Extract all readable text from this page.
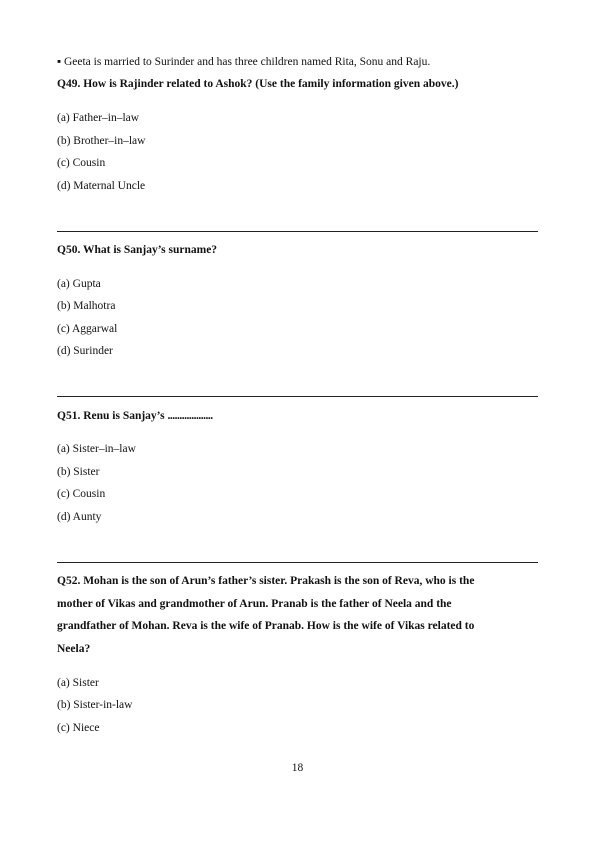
▪ Geeta is married to Surinder and has three children named Rita, Sonu and Raju.
Q49. How is Rajinder related to Ashok? (Use the family information given above.)
(a) Father–in–law
(b) Brother–in–law
(c) Cousin
(d) Maternal Uncle
Q50. What is Sanjay’s surname?
(a) Gupta
(b) Malhotra
(c) Aggarwal
(d) Surinder
Q51. Renu is Sanjay’s ...................
(a) Sister–in–law
(b) Sister
(c) Cousin
(d) Aunty
Q52. Mohan is the son of Arun’s father’s sister. Prakash is the son of Reva, who is the
mother of Vikas and grandmother of Arun. Pranab is the father of Neela and the
grandfather of Mohan. Reva is the wife of Pranab. How is the wife of Vikas related to
Neela?
(a) Sister
(b) Sister-in-law
(c) Niece
18
